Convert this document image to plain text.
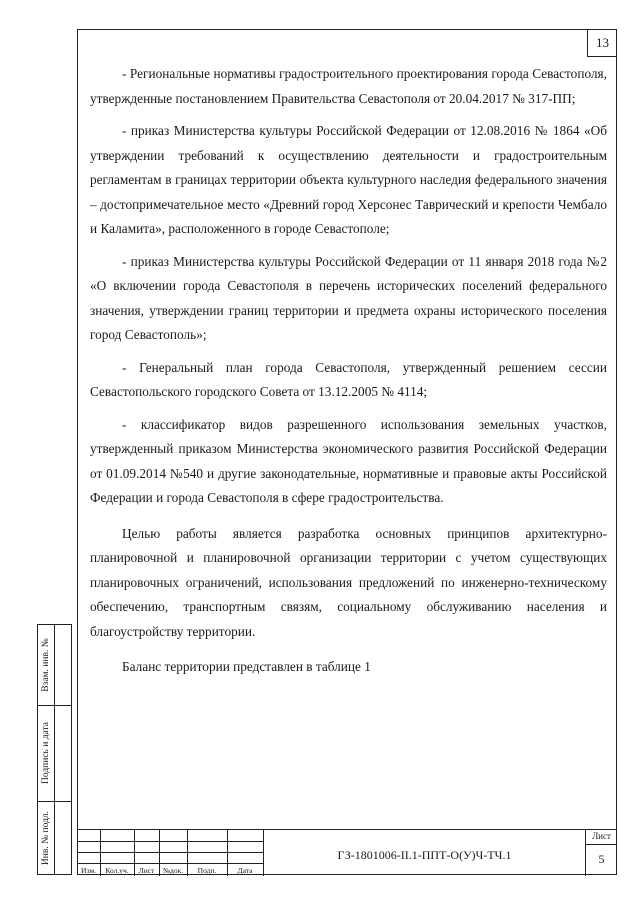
13

- Региональные нормативы градостроительного проектирования города Севастополя, утвержденные постановлением Правительства Севастополя от 20.04.2017 № 317-ПП;

- приказ Министерства культуры Российской Федерации от 12.08.2016 № 1864 «Об утверждении требований к осуществлению деятельности и градостроительным регламентам в границах территории объекта культурного наследия федерального значения – достопримечательное место «Древний город Херсонес Таврический и крепости Чембало и Каламита», расположенного в городе Севастополе;

- приказ Министерства культуры Российской Федерации от 11 января 2018 года №2 «О включении города Севастополя в перечень исторических поселений федерального значения, утверждении границ территории и предмета охраны исторического поселения город Севастополь»;

- Генеральный план города Севастополя, утвержденный решением сессии Севастопольского городского Совета от 13.12.2005 № 4114;

- классификатор видов разрешенного использования земельных участков, утвержденный приказом Министерства экономического развития Российской Федерации от 01.09.2014 №540 и другие законодательные, нормативные и правовые акты Российской Федерации и города Севастополя в сфере градостроительства.

Целью работы является разработка основных принципов архитектурно-планировочной и планировочной организации территории с учетом существующих планировочных ограничений, использования предложений по инженерно-техническому обеспечению, транспортным связям, социальному обслуживанию населения и благоустройству территории.

Баланс территории представлен в таблице 1

Взам. инв. №
Подпись и дата
Инв. № подл.
Изм.	Кол.уч.	Лист	№док.	Подп.	Дата
ГЗ-1801006-II.1-ППТ-О(У)Ч-ТЧ.1
Лист
5
